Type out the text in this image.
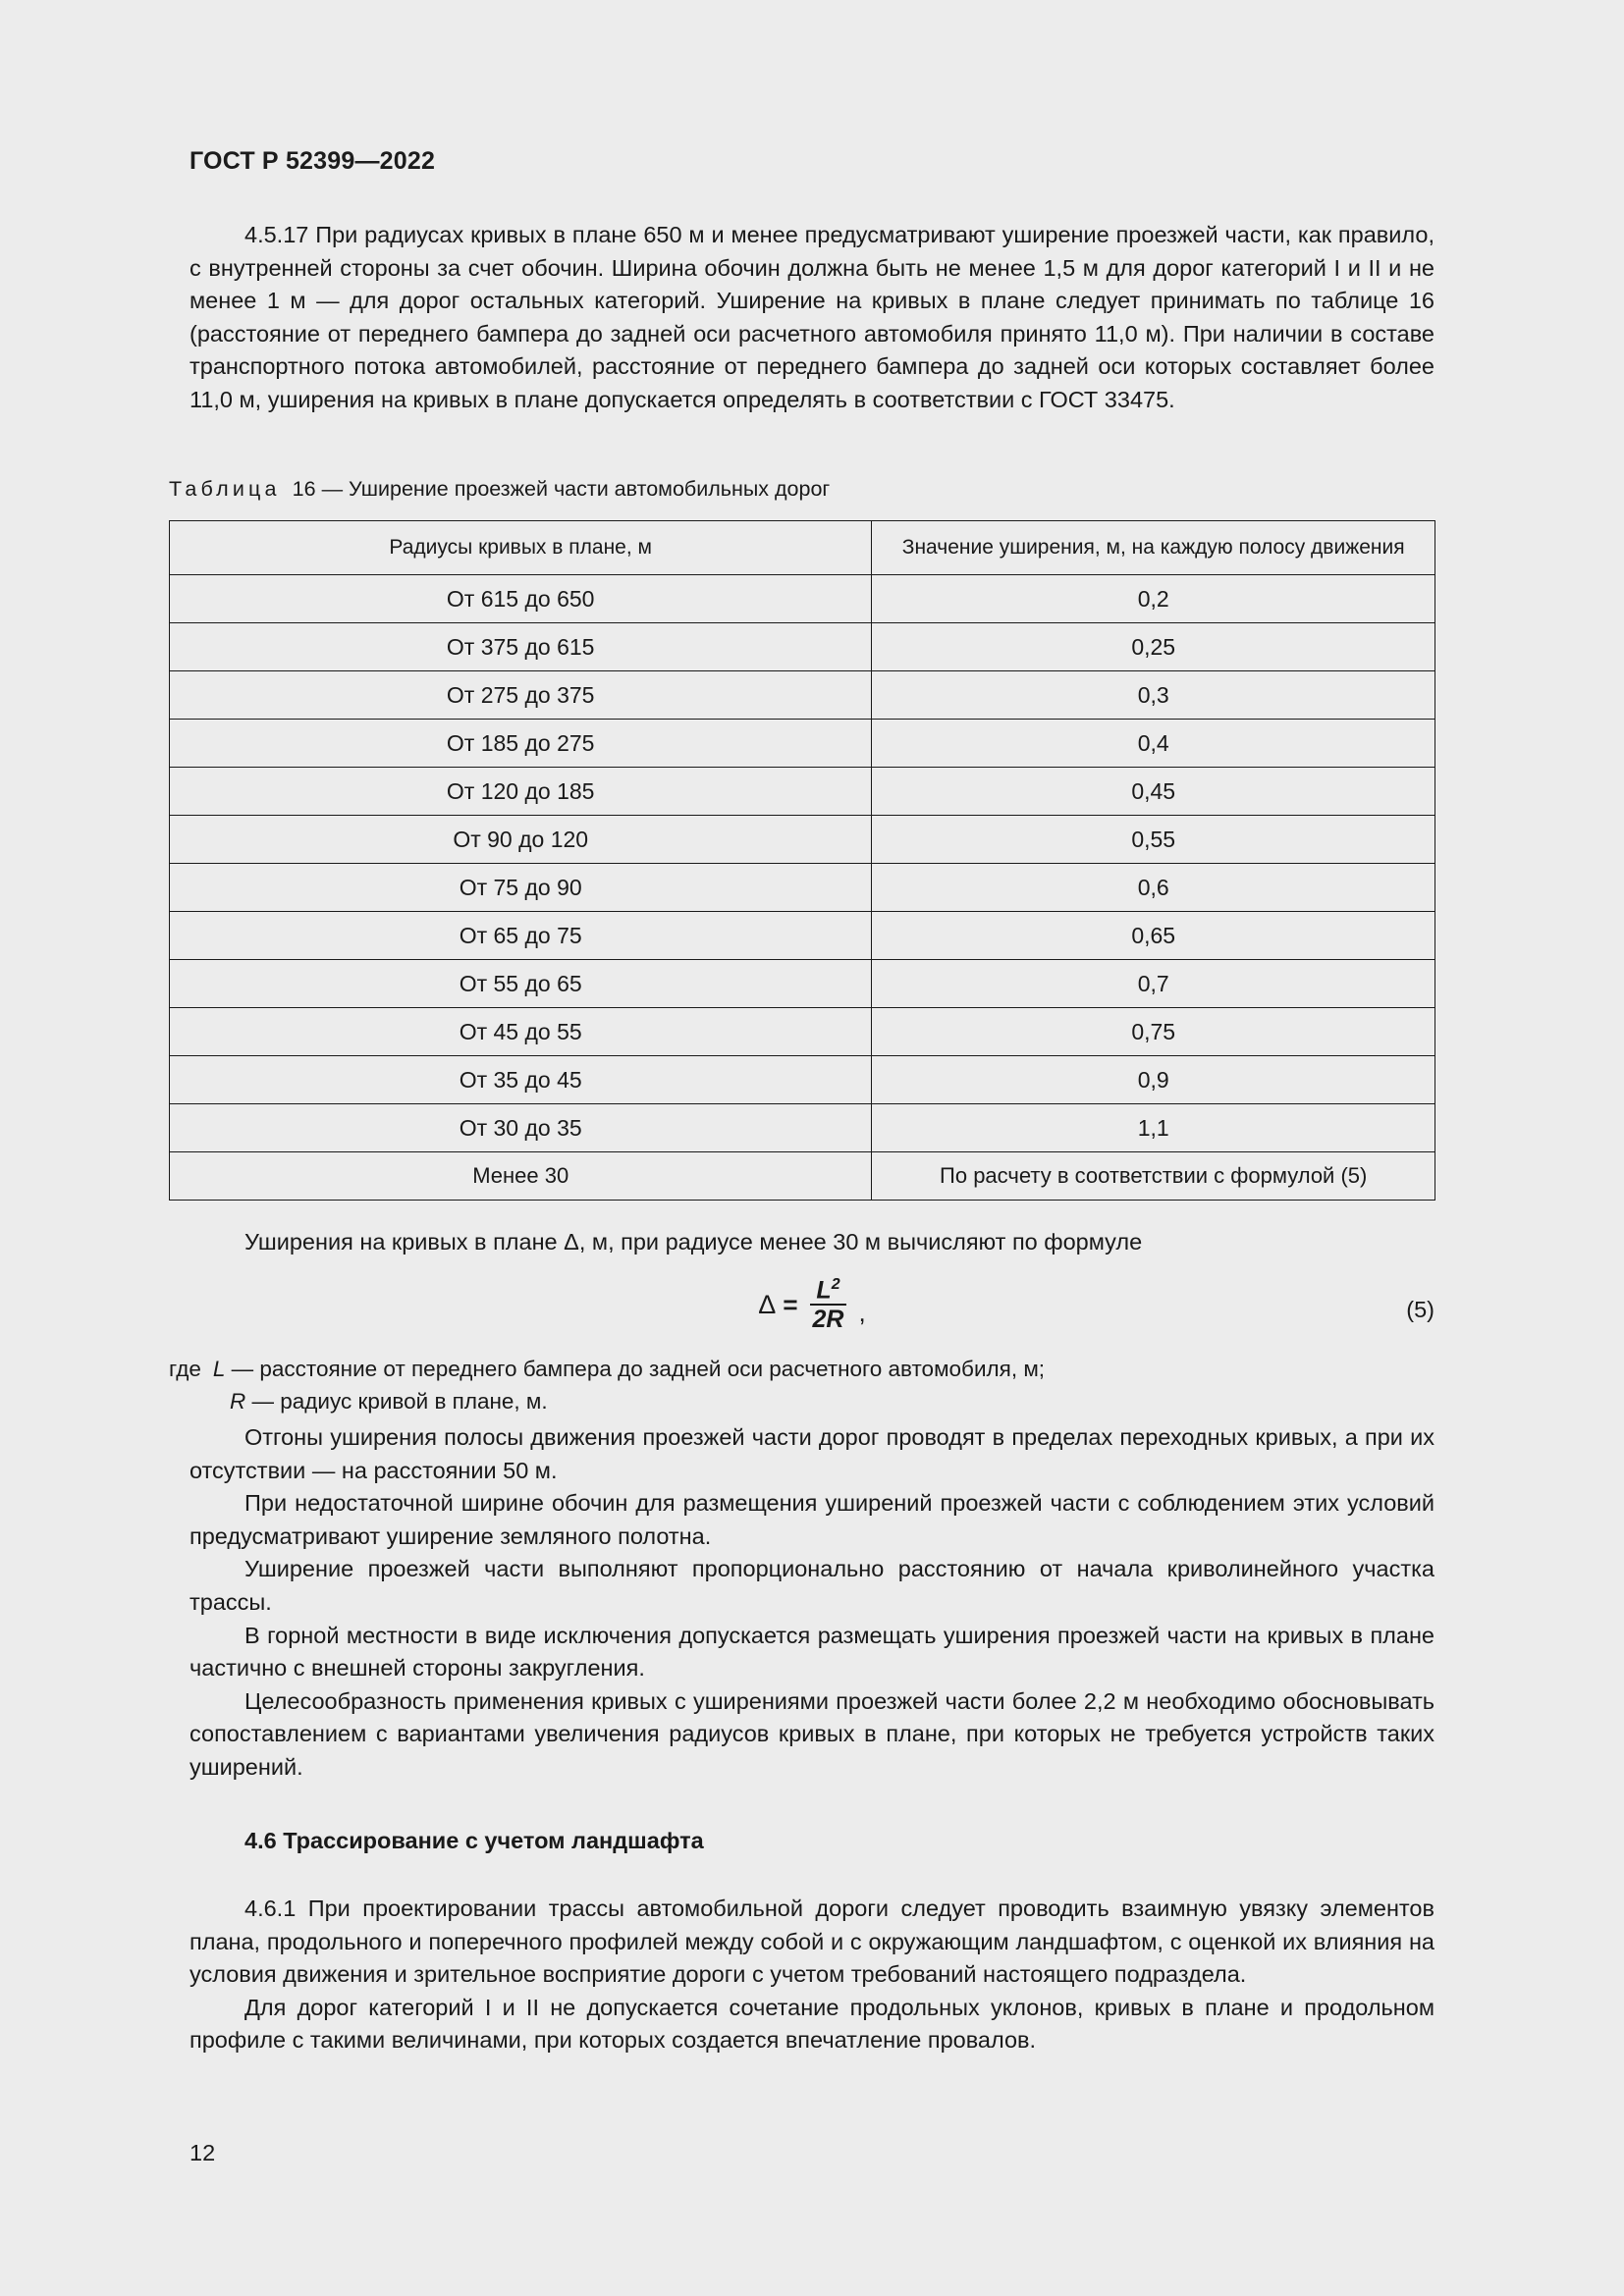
ГОСТ Р 52399—2022

4.5.17 При радиусах кривых в плане 650 м и менее предусматривают уширение проезжей части, как правило, с внутренней стороны за счет обочин. Ширина обочин должна быть не менее 1,5 м для дорог категорий I и II и не менее 1 м — для дорог остальных категорий. Уширение на кривых в плане следует принимать по таблице 16 (расстояние от переднего бампера до задней оси расчетного автомобиля принято 11,0 м). При наличии в составе транспортного потока автомобилей, расстояние от переднего бампера до задней оси которых составляет более 11,0 м, уширения на кривых в плане допускается определять в соответствии с ГОСТ 33475.

Таблица 16 — Уширение проезжей части автомобильных дорог
Радиусы кривых в плане, м	Значение уширения, м, на каждую полосу движения
От 615 до 650	0,2
От 375 до 615	0,25
От 275 до 375	0,3
От 185 до 275	0,4
От 120 до 185	0,45
От 90 до 120	0,55
От 75 до 90	0,6
От 65 до 75	0,65
От 55 до 65	0,7
От 45 до 55	0,75
От 35 до 45	0,9
От 30 до 35	1,1
Менее 30	По расчету в соответствии с формулой (5)
Уширения на кривых в плане Δ, м, при радиусе менее 30 м вычисляют по формуле
$\Delta = \frac{L^2}{2R}$ ,	(5)
где L — расстояние от переднего бампера до задней оси расчетного автомобиля, м;
R — радиус кривой в плане, м.

Отгоны уширения полосы движения проезжей части дорог проводят в пределах переходных кривых, а при их отсутствии — на расстоянии 50 м.

При недостаточной ширине обочин для размещения уширений проезжей части с соблюдением этих условий предусматривают уширение земляного полотна.

Уширение проезжей части выполняют пропорционально расстоянию от начала криволинейного участка трассы.

В горной местности в виде исключения допускается размещать уширения проезжей части на кривых в плане частично с внешней стороны закругления.

Целесообразность применения кривых с уширениями проезжей части более 2,2 м необходимо обосновывать сопоставлением с вариантами увеличения радиусов кривых в плане, при которых не требуется устройств таких уширений.

4.6 Трассирование с учетом ландшафта

4.6.1 При проектировании трассы автомобильной дороги следует проводить взаимную увязку элементов плана, продольного и поперечного профилей между собой и с окружающим ландшафтом, с оценкой их влияния на условия движения и зрительное восприятие дороги с учетом требований настоящего подраздела.

Для дорог категорий I и II не допускается сочетание продольных уклонов, кривых в плане и продольном профиле с такими величинами, при которых создается впечатление провалов.

12
